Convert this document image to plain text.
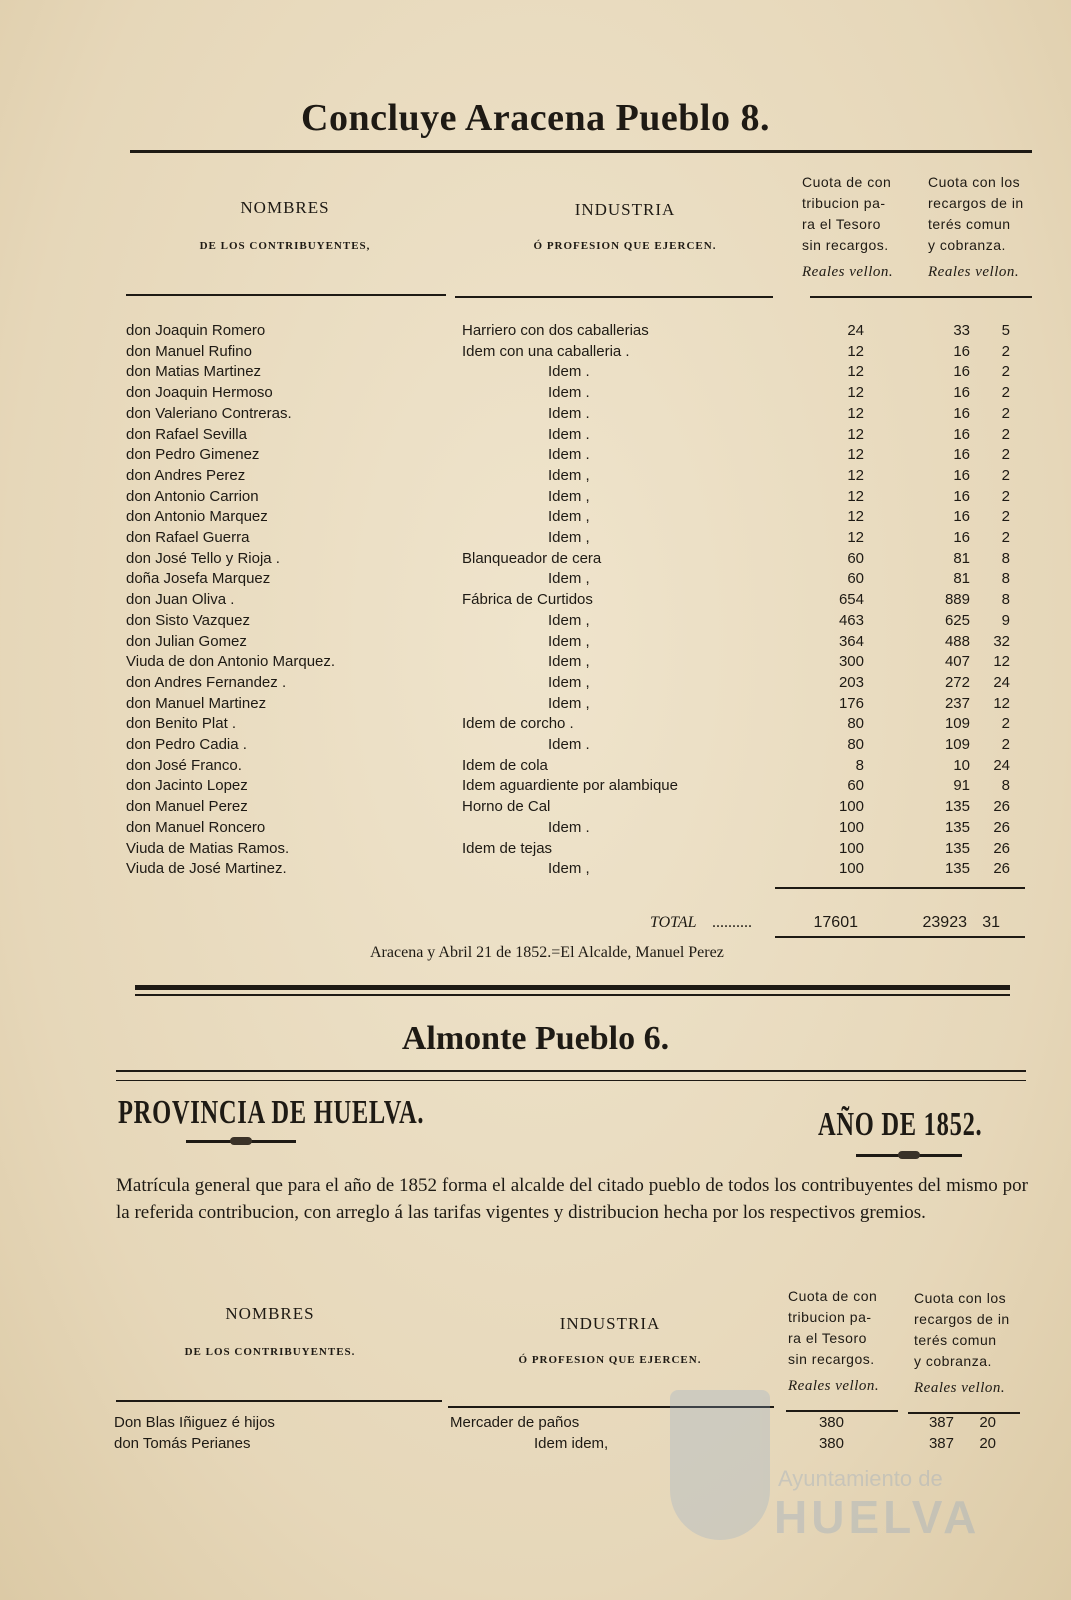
Concluye Aracena Pueblo 8.
NOMBRES
DE LOS CONTRIBUYENTES,
INDUSTRIA
Ó PROFESION QUE EJERCEN.
Cuota de con
tribucion pa-
ra el Tesoro
sin recargos.
Reales vellon.
Cuota con los
recargos de in
terés comun
y cobranza.
Reales vellon.
don Joaquin Romero	Harriero con dos caballerias	24	33	5
don Manuel Rufino	Idem con una caballeria .	12	16	2
don Matias Martinez	Idem .	12	16	2
don Joaquin Hermoso	Idem .	12	16	2
don Valeriano Contreras.	Idem .	12	16	2
don Rafael Sevilla	Idem .	12	16	2
don Pedro Gimenez	Idem .	12	16	2
don Andres Perez	Idem ,	12	16	2
don Antonio Carrion	Idem ,	12	16	2
don Antonio Marquez	Idem ,	12	16	2
don Rafael Guerra	Idem ,	12	16	2
don José Tello y Rioja .	Blanqueador de cera	60	81	8
doña Josefa Marquez	Idem ,	60	81	8
don Juan Oliva .	Fábrica de Curtidos	654	889	8
don Sisto Vazquez	Idem ,	463	625	9
don Julian Gomez	Idem ,	364	488	32
Viuda de don Antonio Marquez.	Idem ,	300	407	12
don Andres Fernandez .	Idem ,	203	272	24
don Manuel Martinez	Idem ,	176	237	12
don Benito Plat .	Idem de corcho .	80	109	2
don Pedro Cadia .	Idem .	80	109	2
don José Franco.	Idem de cola	8	10	24
don Jacinto Lopez	Idem aguardiente por alambique	60	91	8
don Manuel Perez	Horno de Cal	100	135	26
don Manuel Roncero	Idem .	100	135	26
Viuda de Matias Ramos.	Idem de tejas	100	135	26
Viuda de José Martinez.	Idem ,	100	135	26
TOTAL ..........	17601	23923 31
Aracena y Abril 21 de 1852.=El Alcalde, Manuel Perez
Almonte Pueblo 6.
PROVINCIA DE HUELVA.	AÑO DE 1852.
Matrícula general que para el año de 1852 forma el alcalde del citado pueblo de todos los contribuyentes del mismo por la referida contribucion, con arreglo á las tarifas vigentes y distribucion hecha por los respectivos gremios.
NOMBRES
DE LOS CONTRIBUYENTES.
INDUSTRIA
Ó PROFESION QUE EJERCEN.
Cuota de con
tribucion pa-
ra el Tesoro
sin recargos.
Reales vellon.
Cuota con los
recargos de in
terés comun
y cobranza.
Reales vellon.
Don Blas Iñiguez é hijos	Mercader de paños	380	387	20
don Tomás Perianes	Idem idem,	380	387	20
Ayuntamiento de
HUELVA
